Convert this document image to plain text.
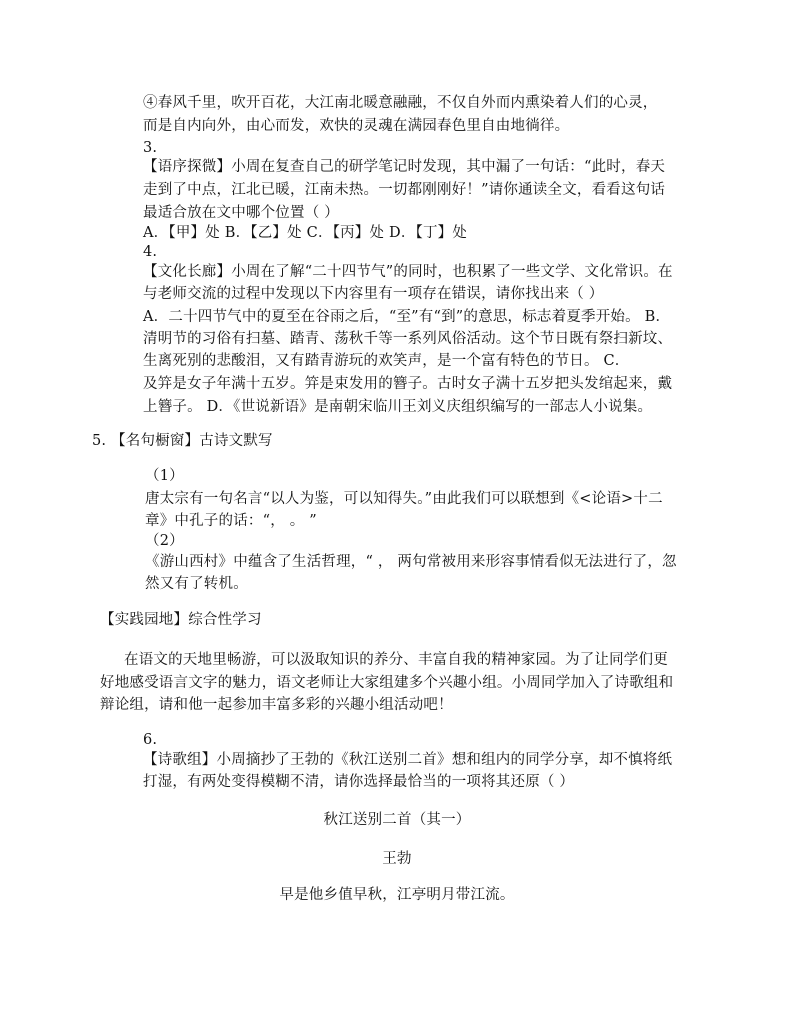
④春风千里，吹开百花，大江南北暖意融融，不仅自外而内熏染着人们的心灵，
而是自内向外，由心而发，欢快的灵魂在满园春色里自由地徜徉。
3.
【语序探微】小周在复查自己的研学笔记时发现，其中漏了一句话：“此时，春天
走到了中点，江北已暖，江南未热。一切都刚刚好！”请你通读全文，看看这句话
最适合放在文中哪个位置（ ）
A．【甲】处 B．【乙】处 C．【丙】处 D．【丁】处
4.
【文化长廊】小周在了解“二十四节气”的同时，也积累了一些文学、文化常识。在
与老师交流的过程中发现以下内容里有一项存在错误，请你找出来（ ）
A．二十四节气中的夏至在谷雨之后，“至”有“到”的意思，标志着夏季开始。 B．
清明节的习俗有扫墓、踏青、荡秋千等一系列风俗活动。这个节日既有祭扫新坟、
生离死别的悲酸泪，又有踏青游玩的欢笑声，是一个富有特色的节日。 C．
及笄是女子年满十五岁。笄是束发用的簪子。古时女子满十五岁把头发绾起来，戴
上簪子。 D．《世说新语》是南朝宋临川王刘义庆组织编写的一部志人小说集。
5. 【名句橱窗】古诗文默写
（1）
唐太宗有一句名言“以人为鉴，可以知得失。”由此我们可以联想到《<论语>十二
章》中孔子的话：“， 。 ”
（2）
《游山西村》中蕴含了生活哲理，“ ， 两句常被用来形容事情看似无法进行了，忽
然又有了转机。
【实践园地】综合性学习
在语文的天地里畅游，可以汲取知识的养分、丰富自我的精神家园。为了让同学们更
好地感受语言文字的魅力，语文老师让大家组建多个兴趣小组。小周同学加入了诗歌组和
辩论组，请和他一起参加丰富多彩的兴趣小组活动吧！
6.
【诗歌组】小周摘抄了王勃的《秋江送别二首》想和组内的同学分享，却不慎将纸
打湿，有两处变得模糊不清，请你选择最恰当的一项将其还原（ ）
秋江送别二首（其一）
王勃
早是他乡值早秋，江亭明月带江流。
